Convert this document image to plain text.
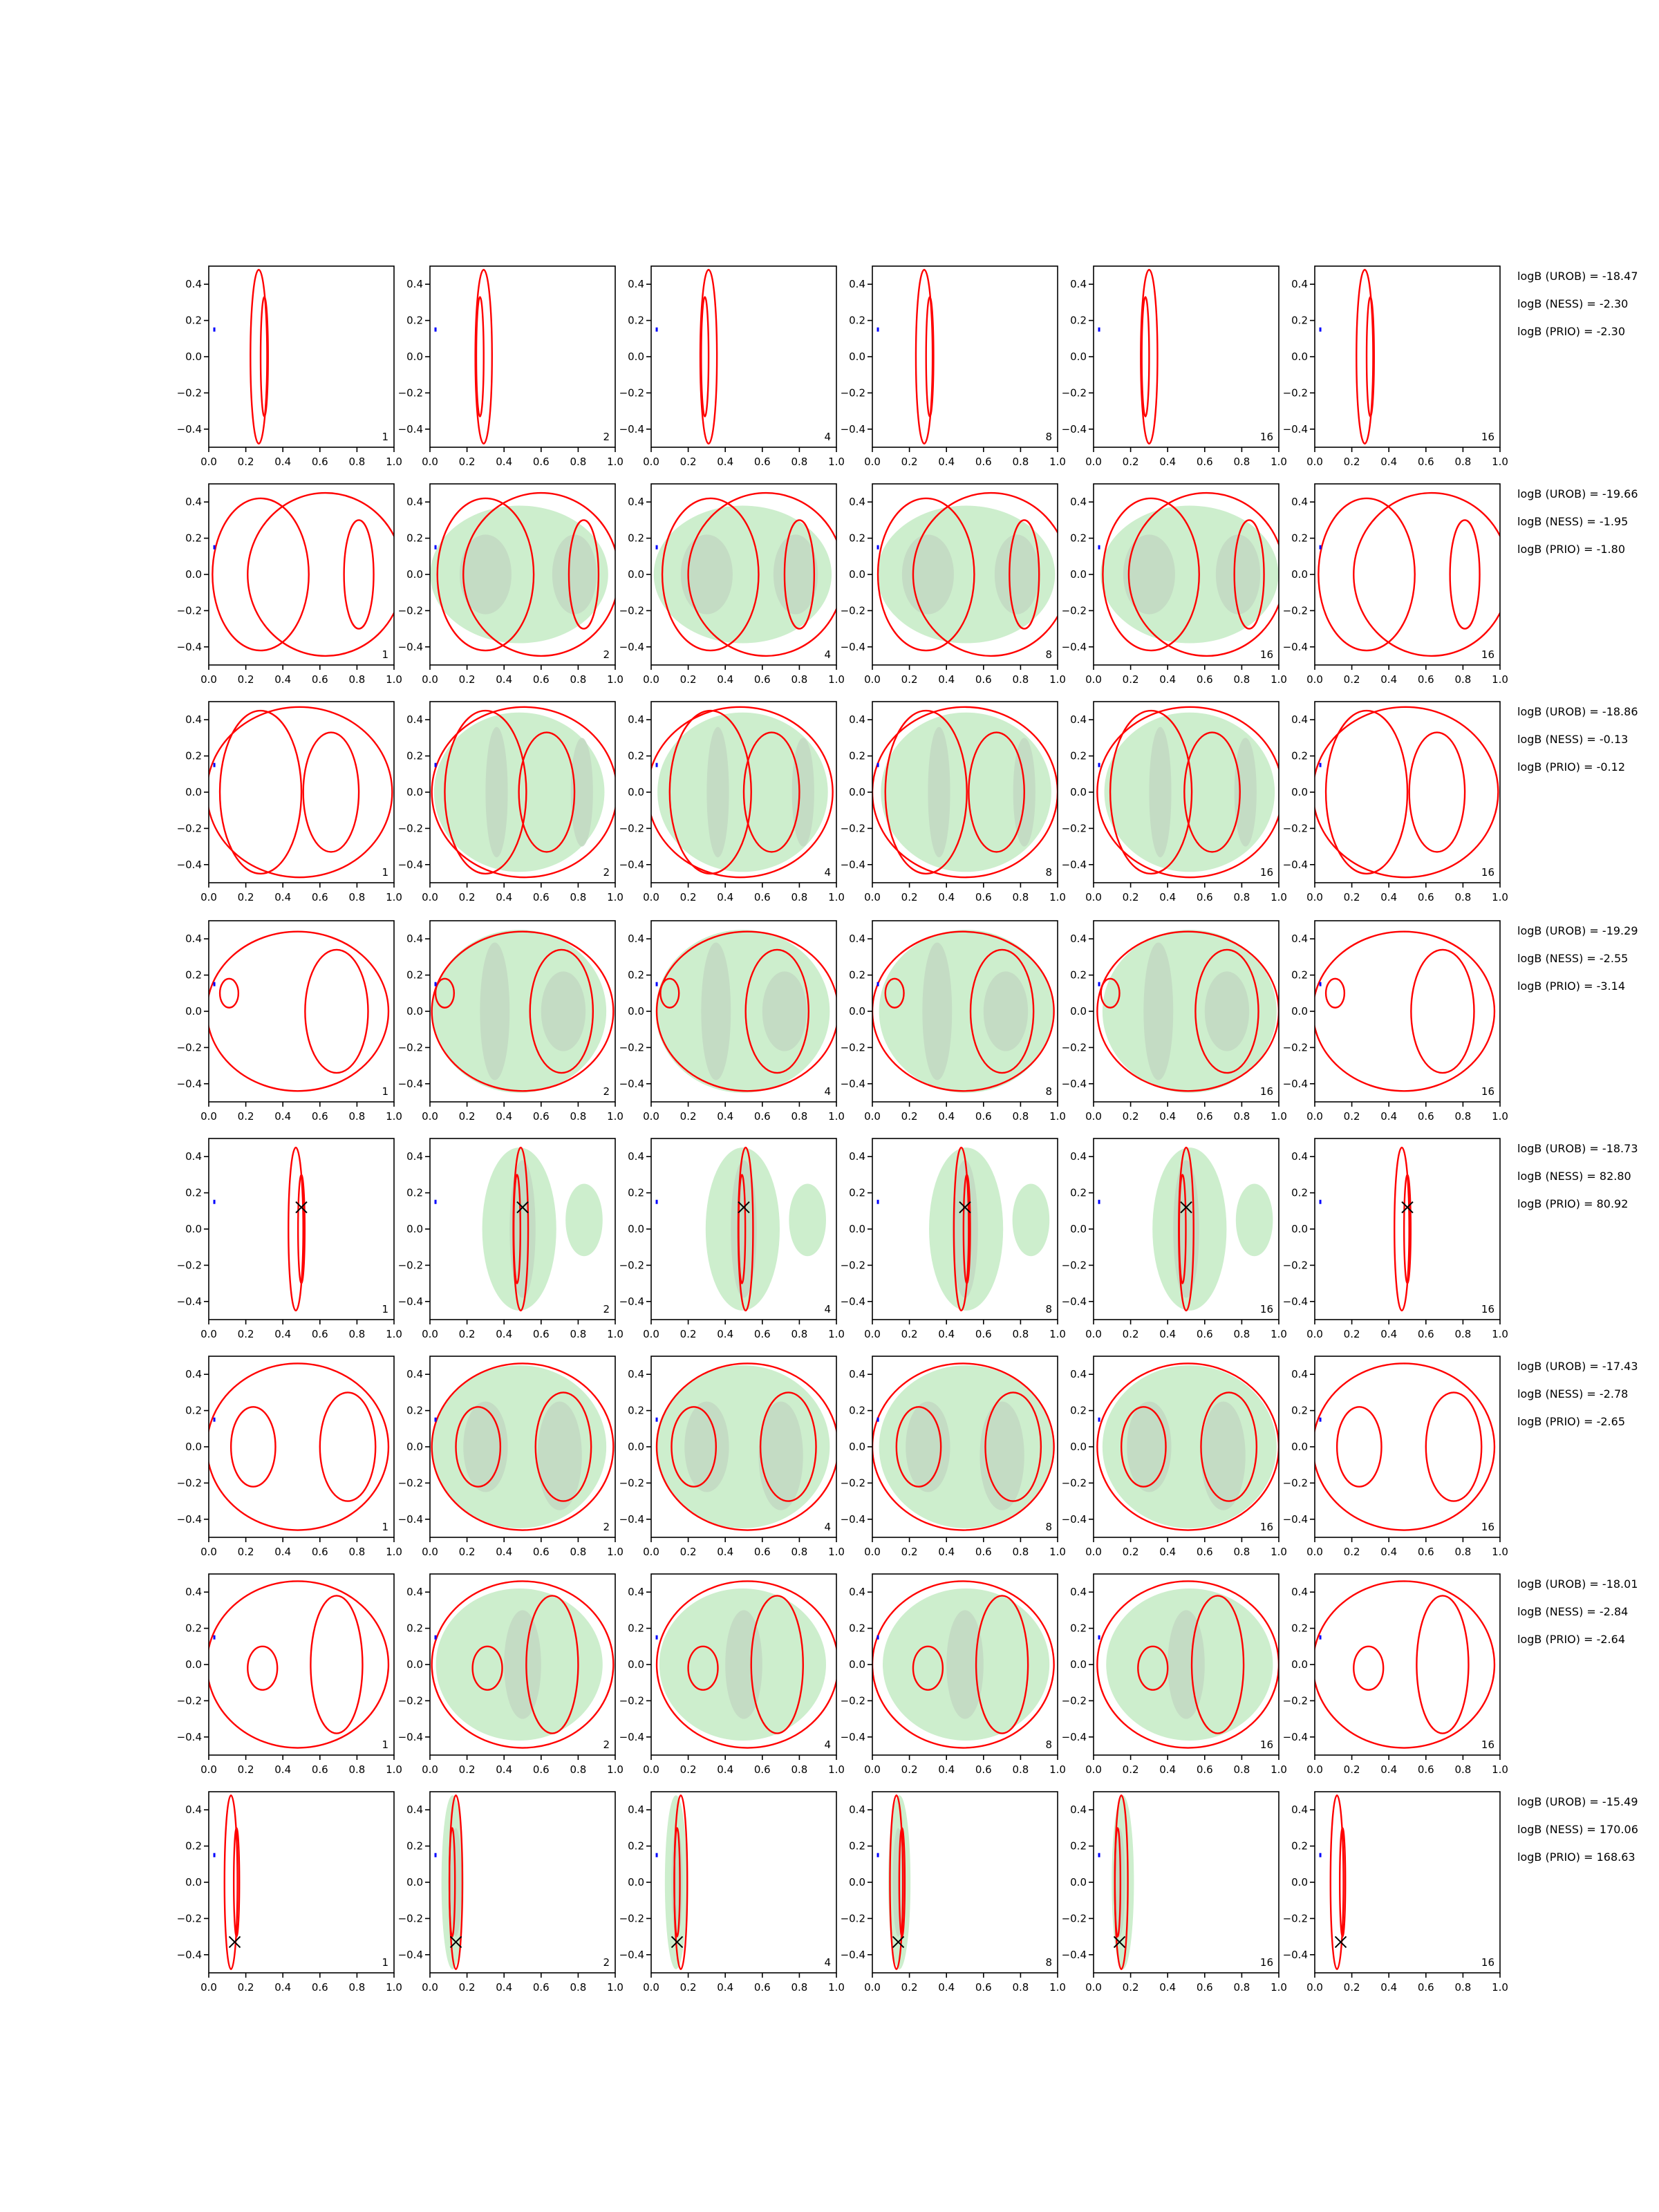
0.0 0.2 0.4 0.6 0.8 1.0
0.4
0.2
0.0
−0.2
−0.4
1
0.0 0.2 0.4 0.6 0.8 1.0
0.4
0.2
0.0
−0.2
−0.4
2
0.0 0.2 0.4 0.6 0.8 1.0
0.4
0.2
0.0
−0.2
−0.4
4
0.0 0.2 0.4 0.6 0.8 1.0
0.4
0.2
0.0
−0.2
−0.4
8
0.0 0.2 0.4 0.6 0.8 1.0
0.4
0.2
0.0
−0.2
−0.4
16
0.0 0.2 0.4 0.6 0.8 1.0
0.4
0.2
0.0
−0.2
−0.4
16
logB (UROB) = -18.47
logB (NESS) = -2.30
logB (PRIO) = -2.30
0.0 0.2 0.4 0.6 0.8 1.0
0.4
0.2
0.0
−0.2
−0.4
1
0.0 0.2 0.4 0.6 0.8 1.0
0.4
0.2
0.0
−0.2
−0.4
2
0.0 0.2 0.4 0.6 0.8 1.0
0.4
0.2
0.0
−0.2
−0.4
4
0.0 0.2 0.4 0.6 0.8 1.0
0.4
0.2
0.0
−0.2
−0.4
8
0.0 0.2 0.4 0.6 0.8 1.0
0.4
0.2
0.0
−0.2
−0.4
16
0.0 0.2 0.4 0.6 0.8 1.0
0.4
0.2
0.0
−0.2
−0.4
16
logB (UROB) = -19.66
logB (NESS) = -1.95
logB (PRIO) = -1.80
0.0 0.2 0.4 0.6 0.8 1.0
0.4
0.2
0.0
−0.2
−0.4
1
0.0 0.2 0.4 0.6 0.8 1.0
0.4
0.2
0.0
−0.2
−0.4
2
0.0 0.2 0.4 0.6 0.8 1.0
0.4
0.2
0.0
−0.2
−0.4
4
0.0 0.2 0.4 0.6 0.8 1.0
0.4
0.2
0.0
−0.2
−0.4
8
0.0 0.2 0.4 0.6 0.8 1.0
0.4
0.2
0.0
−0.2
−0.4
16
0.0 0.2 0.4 0.6 0.8 1.0
0.4
0.2
0.0
−0.2
−0.4
16
logB (UROB) = -18.86
logB (NESS) = -0.13
logB (PRIO) = -0.12
0.0 0.2 0.4 0.6 0.8 1.0
0.4
0.2
0.0
−0.2
−0.4
1
0.0 0.2 0.4 0.6 0.8 1.0
0.4
0.2
0.0
−0.2
−0.4
2
0.0 0.2 0.4 0.6 0.8 1.0
0.4
0.2
0.0
−0.2
−0.4
4
0.0 0.2 0.4 0.6 0.8 1.0
0.4
0.2
0.0
−0.2
−0.4
8
0.0 0.2 0.4 0.6 0.8 1.0
0.4
0.2
0.0
−0.2
−0.4
16
0.0 0.2 0.4 0.6 0.8 1.0
0.4
0.2
0.0
−0.2
−0.4
16
logB (UROB) = -19.29
logB (NESS) = -2.55
logB (PRIO) = -3.14
0.0 0.2 0.4 0.6 0.8 1.0
0.4
0.2
0.0
−0.2
−0.4
1
0.0 0.2 0.4 0.6 0.8 1.0
0.4
0.2
0.0
−0.2
−0.4
2
0.0 0.2 0.4 0.6 0.8 1.0
0.4
0.2
0.0
−0.2
−0.4
4
0.0 0.2 0.4 0.6 0.8 1.0
0.4
0.2
0.0
−0.2
−0.4
8
0.0 0.2 0.4 0.6 0.8 1.0
0.4
0.2
0.0
−0.2
−0.4
16
0.0 0.2 0.4 0.6 0.8 1.0
0.4
0.2
0.0
−0.2
−0.4
16
logB (UROB) = -18.73
logB (NESS) = 82.80
logB (PRIO) = 80.92
0.0 0.2 0.4 0.6 0.8 1.0
0.4
0.2
0.0
−0.2
−0.4
1
0.0 0.2 0.4 0.6 0.8 1.0
0.4
0.2
0.0
−0.2
−0.4
2
0.0 0.2 0.4 0.6 0.8 1.0
0.4
0.2
0.0
−0.2
−0.4
4
0.0 0.2 0.4 0.6 0.8 1.0
0.4
0.2
0.0
−0.2
−0.4
8
0.0 0.2 0.4 0.6 0.8 1.0
0.4
0.2
0.0
−0.2
−0.4
16
0.0 0.2 0.4 0.6 0.8 1.0
0.4
0.2
0.0
−0.2
−0.4
16
logB (UROB) = -17.43
logB (NESS) = -2.78
logB (PRIO) = -2.65
0.0 0.2 0.4 0.6 0.8 1.0
0.4
0.2
0.0
−0.2
−0.4
1
0.0 0.2 0.4 0.6 0.8 1.0
0.4
0.2
0.0
−0.2
−0.4
2
0.0 0.2 0.4 0.6 0.8 1.0
0.4
0.2
0.0
−0.2
−0.4
4
0.0 0.2 0.4 0.6 0.8 1.0
0.4
0.2
0.0
−0.2
−0.4
8
0.0 0.2 0.4 0.6 0.8 1.0
0.4
0.2
0.0
−0.2
−0.4
16
0.0 0.2 0.4 0.6 0.8 1.0
0.4
0.2
0.0
−0.2
−0.4
16
logB (UROB) = -18.01
logB (NESS) = -2.84
logB (PRIO) = -2.64
0.0 0.2 0.4 0.6 0.8 1.0
0.4
0.2
0.0
−0.2
−0.4
1
0.0 0.2 0.4 0.6 0.8 1.0
0.4
0.2
0.0
−0.2
−0.4
2
0.0 0.2 0.4 0.6 0.8 1.0
0.4
0.2
0.0
−0.2
−0.4
4
0.0 0.2 0.4 0.6 0.8 1.0
0.4
0.2
0.0
−0.2
−0.4
8
0.0 0.2 0.4 0.6 0.8 1.0
0.4
0.2
0.0
−0.2
−0.4
16
0.0 0.2 0.4 0.6 0.8 1.0
0.4
0.2
0.0
−0.2
−0.4
16
logB (UROB) = -15.49
logB (NESS) = 170.06
logB (PRIO) = 168.63
